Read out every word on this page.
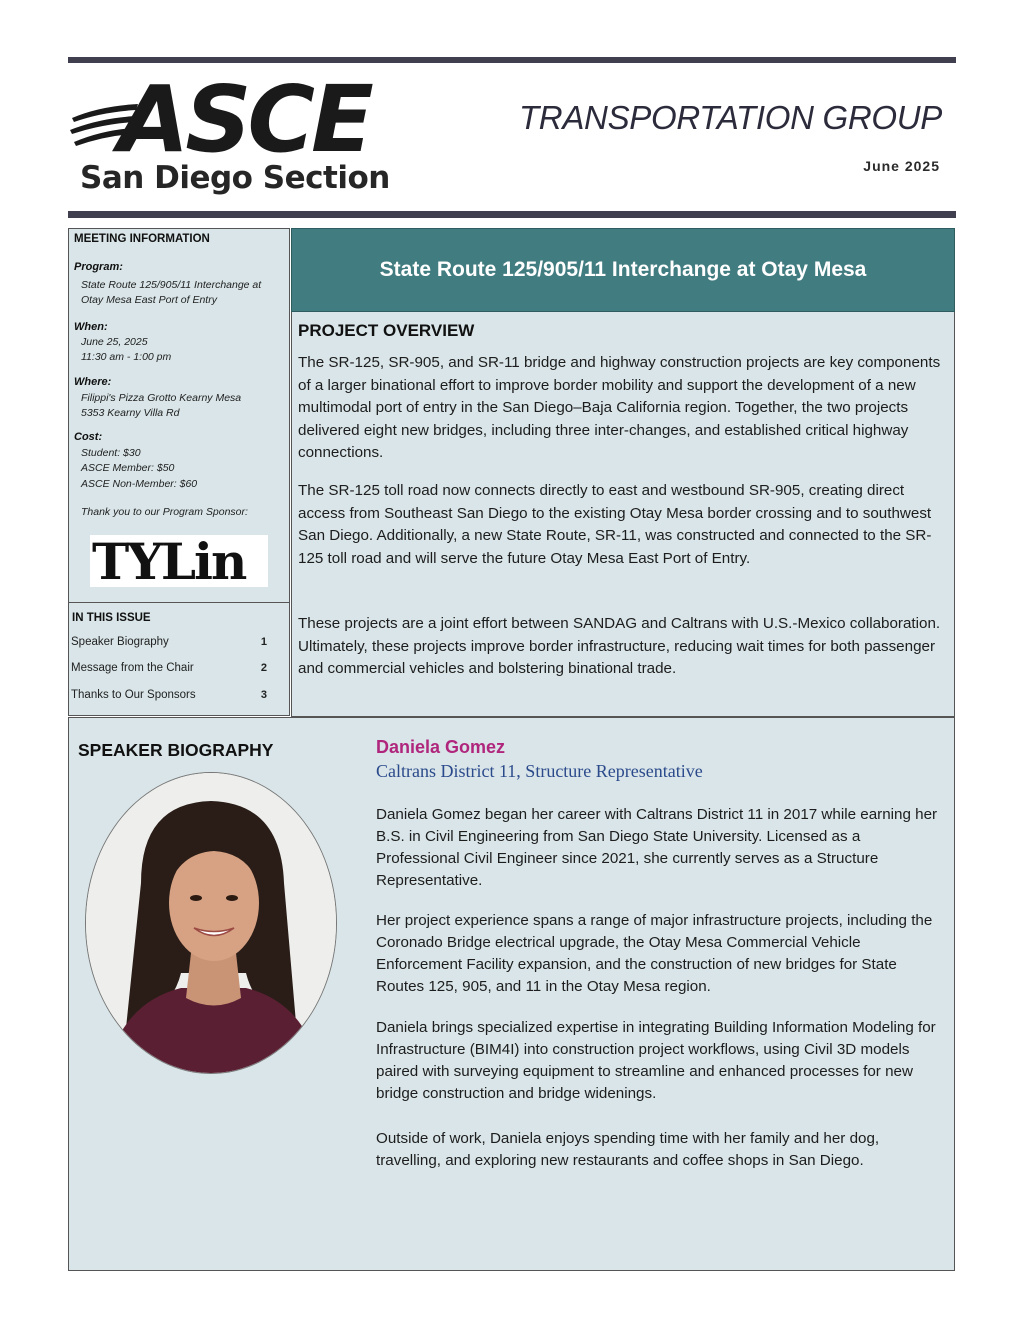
ASCE
San Diego Section
TRANSPORTATION GROUP
June 2025
MEETING INFORMATION
Program:
State Route 125/905/11 Interchange at
Otay Mesa East Port of Entry
When:
June 25, 2025
11:30 am - 1:00 pm
Where:
Filippi's Pizza Grotto Kearny Mesa
5353 Kearny Villa Rd
Cost:
Student: $30
ASCE Member: $50
ASCE Non-Member: $60
Thank you to our Program Sponsor:
TYLin
IN THIS ISSUE
Speaker Biography	1
Message from the Chair	2
Thanks to Our Sponsors	3
State Route 125/905/11 Interchange at Otay Mesa
PROJECT OVERVIEW

The SR-125, SR-905, and SR-11 bridge and highway construction projects are key components of a larger binational effort to improve border mobility and support the development of a new multimodal port of entry in the San Diego–Baja California region. Together, the two projects delivered eight new bridges, including three inter-changes, and established critical highway connections.

The SR-125 toll road now connects directly to east and westbound SR-905, creating direct access from Southeast San Diego to the existing Otay Mesa border crossing and to southwest San Diego. Additionally, a new State Route, SR-11, was constructed and connected to the SR-125 toll road and will serve the future Otay Mesa East Port of Entry.

These projects are a joint effort between SANDAG and Caltrans with U.S.-Mexico collaboration. Ultimately, these projects improve border infrastructure, reducing wait times for both passenger and commercial vehicles and bolstering binational trade.

SPEAKER BIOGRAPHY	Daniela Gomez
Caltrans District 11, Structure Representative

Daniela Gomez began her career with Caltrans District 11 in 2017 while earning her B.S. in Civil Engineering from San Diego State University. Licensed as a Professional Civil Engineer since 2021, she currently serves as a Structure Representative.

Her project experience spans a range of major infrastructure projects, including the Coronado Bridge electrical upgrade, the Otay Mesa Commercial Vehicle Enforcement Facility expansion, and the construction of new bridges for State Routes 125, 905, and 11 in the Otay Mesa region.

Daniela brings specialized expertise in integrating Building Information Modeling for Infrastructure (BIM4I) into construction project workflows, using Civil 3D models paired with surveying equipment to streamline and enhanced processes for new bridge construction and bridge widenings.

Outside of work, Daniela enjoys spending time with her family and her dog, travelling, and exploring new restaurants and coffee shops in San Diego.
